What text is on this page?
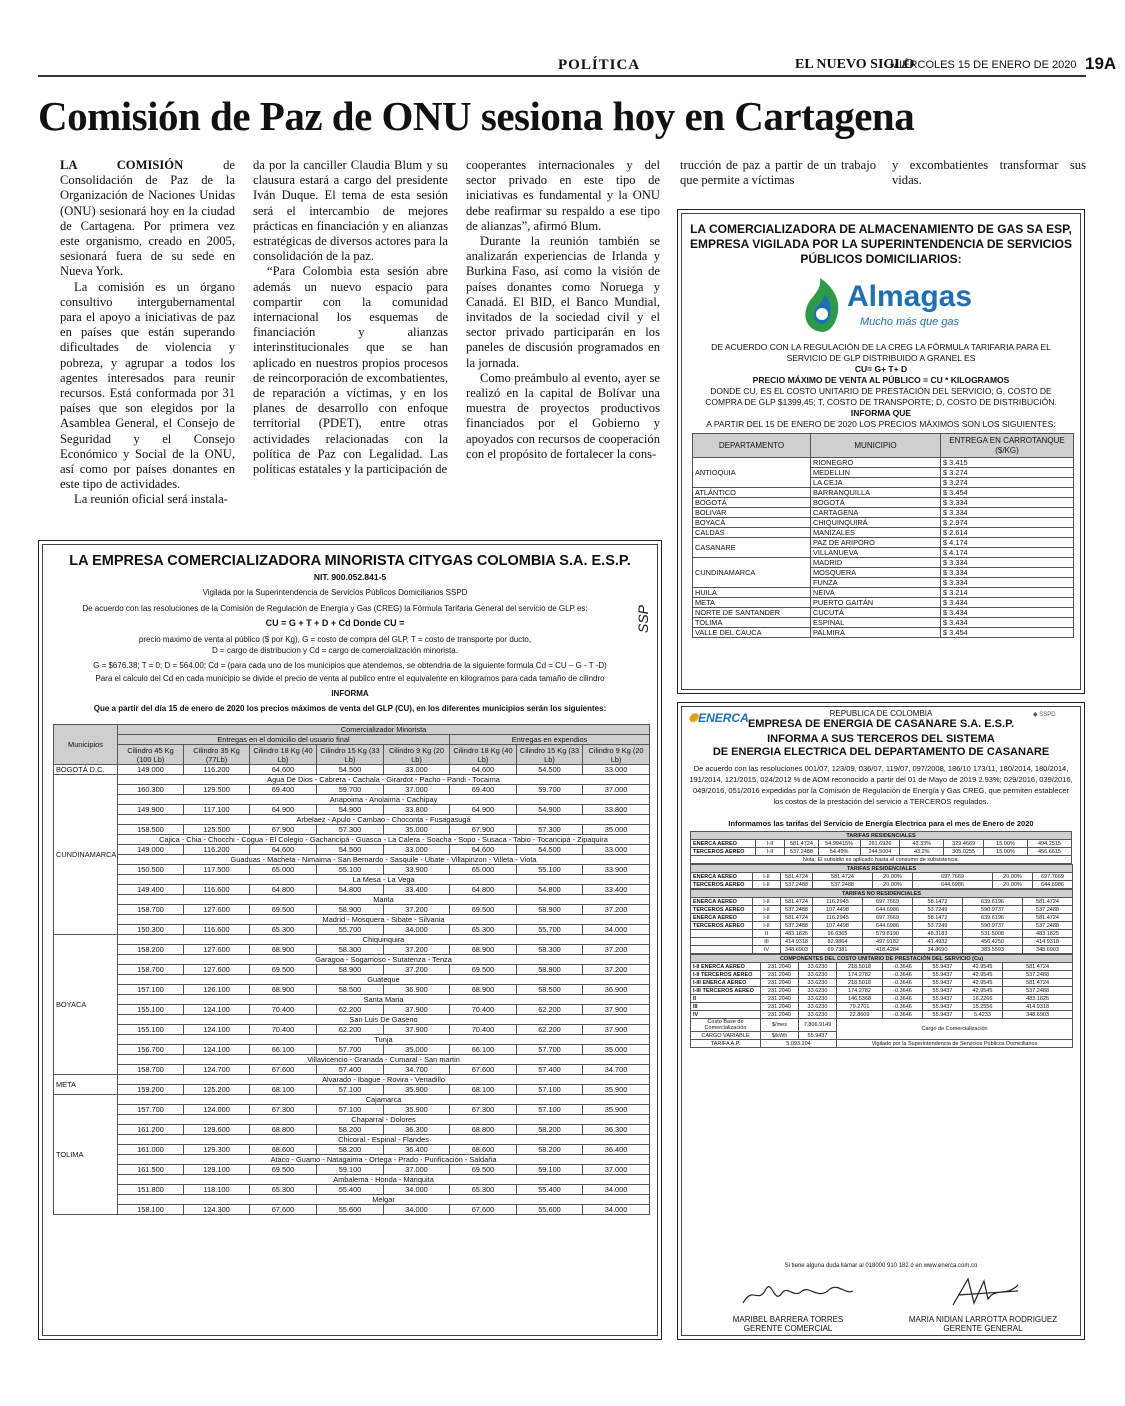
POLÍTICA	EL NUEVO SIGLO
MIÉRCOLES 15 DE ENERO DE 2020 19A
Comisión de Paz de ONU sesiona hoy en Cartagena

LA COMISIÓN de Consolidación de Paz de la Organización de Naciones Unidas (ONU) sesionará hoy en la ciudad de Cartagena. Por primera vez este organismo, creado en 2005, sesionará fuera de su sede en Nueva York.

La comisión es un órgano consultivo intergubernamental para el apoyo a iniciativas de paz en países que están superando dificultades de violencia y pobreza, y agrupar a todos los agentes interesados para reunir recursos. Está conformada por 31 países que son elegidos por la Asamblea General, el Consejo de Seguridad y el Consejo Económico y Social de la ONU, así como por países donantes en este tipo de actividades.

La reunión oficial será instala-

da por la canciller Claudia Blum y su clausura estará a cargo del presidente Iván Duque. El tema de esta sesión será el intercambio de mejores prácticas en financiación y en alianzas estratégicas de diversos actores para la consolidación de la paz.

“Para Colombia esta sesión abre además un nuevo espacio para compartir con la comunidad internacional los esquemas de financiación y alianzas interinstitucionales que se han aplicado en nuestros propios procesos de reincorporación de excombatientes, de reparación a víctimas, y en los planes de desarrollo con enfoque territorial (PDET), entre otras actividades relacionadas con la política de Paz con Legalidad. Las políticas estatales y la participación de

cooperantes internacionales y del sector privado en este tipo de iniciativas es fundamental y la ONU debe reafirmar su respaldo a ese tipo de alianzas”, afirmó Blum.

Durante la reunión también se analizarán experiencias de Irlanda y Burkina Faso, así como la visión de países donantes como Noruega y Canadá. El BID, el Banco Mundial, invitados de la sociedad civil y el sector privado participarán en los paneles de discusión programados en la jornada.

Como preámbulo al evento, ayer se realizó en la capital de Bolívar una muestra de proyectos productivos financiados por el Gobierno y apoyados con recursos de cooperación con el propósito de fortalecer la cons-

trucción de paz a partir de un trabajo que permite a víctimas
y excombatientes transformar sus vidas.
LA COMERCIALIZADORA DE ALMACENAMIENTO DE GAS SA ESP,
EMPRESA VIGILADA POR LA SUPERINTENDENCIA DE SERVICIOS
PÚBLICOS DOMICILIARIOS:
Almagas
Mucho más que gas
DE ACUERDO CON LA REGULACIÓN DE LA CREG LA FÓRMULA TARIFARIA PARA EL SERVICIO DE GLP DISTRIBUIDO A GRANEL ES
CU= G+ T+ D
PRECIO MÁXIMO DE VENTA AL PÚBLICO = CU * KILOGRAMOS
DONDE CU, ES EL COSTO UNITARIO DE PRESTACIÓN DEL SERVICIO; G, COSTO DE COMPRA DE GLP $1399,45; T, COSTO DE TRANSPORTE; D, COSTO DE DISTRIBUCIÓN.
INFORMA QUE
A PARTIR DEL 15 DE ENERO DE 2020 LOS PRECIOS MÁXIMOS SON LOS SIGUIENTES:
DEPARTAMENTO	MUNICIPIO	ENTREGA EN CARROTANQUE ($/KG)
ANTIOQUIA	RIONEGRO	$ 3.415
	MEDELLIN	$ 3.274
	LA CEJA	$ 3.274
ATLÁNTICO	BARRANQUILLA	$ 3.454
BOGOTÁ	BOGOTÁ	$ 3.334
BOLIVAR	CARTAGENA	$ 3.334
BOYACÁ	CHIQUINQUIRÁ	$ 2.974
CALDAS	MANIZALES	$ 2.614
CASANARE	PAZ DE ARIPORO	$ 4.174
	VILLANUEVA	$ 4.174
CUNDINAMARCA	MADRID	$ 3.334
	MOSQUERA	$ 3.334
	FUNZA	$ 3.334
HUILA	NEIVA	$ 3.214
META	PUERTO GAITÁN	$ 3.434
NORTE DE SANTANDER	CUCUTÁ	$ 3.434
TOLIMA	ESPINAL	$ 3.434
VALLE DEL CAUCA	PALMIRA	$ 3.454
LA EMPRESA COMERCIALIZADORA MINORISTA CITYGAS COLOMBIA S.A. E.S.P.
NIT. 900.052.841-5
Vigilada por la Superintendencia de Servicios Públicos Domiciliarios SSPD
De acuerdo con las resoluciones de la Comisión de Regulación de Energía y Gas (CREG) la Fórmula Tarifaria General del servicio de GLP es:
CU = G + T + D + Cd Donde CU =
precio maximo de venta al público ($ por Kg), G = costo de compra del GLP, T = costo de transporte por ducto,
D = cargo de distribucion y Cd = cargo de comercialización minorista.
SSP
G = $676.38; T = 0; D = 564.00; Cd = (para cada uno de los municipios que atendemos, se obtendria de la siguiente formula Cd = CU – G - T -D)
Para el calculo del Cd en cada municipio se divide el precio de venta al publico entre el equivalente en kilogramos para cada tamaño de cilindro
INFORMA
Que a partir del día 15 de enero de 2020 los precios máximos de venta del GLP (CU), en los diferentes municipios serán los siguientes:
Municipios	Comercializador Minorista							
	Entregas en el domicilio del usuario final					Entregas en expendios		
	Cilindro 45 Kg (100 Lb)	Cilindro 35 Kg (77Lb)	Cilindro 18 Kg (40 Lb)	Cilindro 15 Kg (33 Lb)	Cilindro 9 Kg (20 Lb)	Cilindro 18 Kg (40 Lb)	Cilindro 15 Kg (33 Lb)	Cilindro 9 Kg (20 Lb)
BOGOTÁ D.C.	149.000	116.200	64.600	54.500	33.000	64.600	54.500	33.000
CUNDINAMARCA	Agua De Dios - Cabrera - Cachala - Girardot - Pacho - Pandi - Tocaima							
	160.300	129.500	69.400	59.700	37.000	69.400	59.700	37.000
	Anapoima - Anolaima - Cachipay							
	149.900	117.100	64.900	54.900	33.800	64.900	54.900	33.800
	Arbelaez - Apulo - Cambao - Choconta - Fusagasugá							
	158.500	125.500	67.900	57.300	35.000	67.900	57.300	35.000
	Cajica - Chia - Chocchi - Cogua - El Colegio - Gachancipá - Guasca - La Calera - Soacha - Sopo - Susaca - Tabio - Tocancipá - Zipaquira							
	149.000	116.200	64.600	54.500	33.000	64.600	54.500	33.000
	Guaduas - Macheta - Nimaima - San Bernardo - Sasquile - Ubate - Villapinzon - Villeta - Viota							
	150.500	117.500	65.000	55.100	33.900	65.000	55.100	33.900
	La Mesa - La Vega							
	149.400	116.600	64.800	54.800	33.400	64.800	54.800	33.400
	Manta							
	158.700	127.600	69.500	58.900	37.200	69.500	58.900	37.200
	Madrid - Mosquera - Sibate - Silvania							
	150.300	116.600	65.300	55.700	34.000	65.300	55.700	34.000
BOYACA	Chiquinquira							
	158.200	127.600	68.900	58.300	37.200	68.900	58.300	37.200
	Garagoa - Sogamoso - Sutatenza - Tenza							
	158.700	127.600	69.500	58.900	37.200	69.500	58.900	37.200
	Guateque							
	157.100	126.100	68.900	58.500	36.900	68.900	58.500	36.900
	Santa Maria							
	155.100	124.100	70.400	62.200	37.900	70.400	62.200	37.900
	San Luis De Gaseno							
	155.100	124.100	70.400	62.200	37.900	70.400	62.200	37.900
	Tunja							
	156.700	124.100	66.100	57.700	35.000	66.100	57.700	35.000
	Villavicencio - Granada - Cumaral - San martin							
	158.700	124.700	67.600	57.400	34.700	67.600	57.400	34.700
META	Alvarado - Ibague - Rovira - Venadillo							
	159.200	125.200	68.100	57.100	35.900	68.100	57.100	35.900
TOLIMA	Cajamarca							
	157.700	124.000	67.300	57.100	35.900	67.300	57.100	35.900
	Chaparral - Dolores							
	161.200	129.600	68.800	58.200	36.300	68.800	58.200	36.300
	Chicoral - Espinal - Flandes							
	161.000	129.300	68.600	58.200	36.400	68.600	58.200	36.400
	Ataco - Guamo - Natagaima - Ortega - Prado - Purificación - Saldaña							
	161.500	129.100	69.500	59.100	37.000	69.500	59.100	37.000
	Ambalema - Honda - Mariquita							
	151.800	118.100	65.300	55.400	34.000	65.300	55.400	34.000
	Melgar							
	158.100	124.300	67.600	55.600	34.000	67.600	55.600	34.000
✺ENERCA	◆ SSPD
REPUBLICA DE COLOMBIA
EMPRESA DE ENERGIA DE CASANARE S.A. E.S.P.
INFORMA A SUS TERCEROS DEL SISTEMA
DE ENERGIA ELECTRICA DEL DEPARTAMENTO DE CASANARE
De acuerdo con las resoluciones 001/07, 123/09, 036/07, 119/07, 097/2008, 186/10 173/11, 180/2014, 180/2014, 191/2014, 121/2015, 024/2012 % de AOM reconocido a partir del 01 de Mayo de 2019 2.93%; 029/2016, 039/2016, 049/2016, 051/2016 expedidas por la Comisión de Regulación de Energía y Gas CREG, que permiten establecer los costos de la prestación del servicio a TERCEROS regulados.
Informamos las tarifas del Servicio de Energía Electrica para el mes de Enero de 2020
TARIFAS RESIDENCIALES								
ENERCA AEREO	I-II	581.4724	54.99415%	261.6926	43.33%	329.4669	15.00%	494.2515
TERCEROS AEREO	I-II	537.2488	54.49%	244.5004	43.2%	305.0255	15.00%	456.6615
Nota: El subsidio es aplicado hasta el consumo de subsistencia.								
TARIFAS RESIDENCIALES							
ENERCA AEREO	I-II	581.4724	581.4724	20.00%	697.7669	20.00%	697.7669
TERCEROS AEREO	I-II	537.2488	537.2488	20.00%	644.6986	20.00%	644.6986
TARIFAS NO RESIDENCIALES							
ENERCA AEREO	I-II	581.4724	116.2945	697.7669	58.1472	639.6196	581.4724
TERCEROS AEREO	I-II	537.2488	107.4498	644.6986	53.7249	590.9737	537.2488
ENERCA AEREO	I-II	581.4724	116.2945	697.7669	58.1472	639.6196	581.4724
TERCEROS AEREO	I-II	537.2488	107.4498	644.6986	53.7249	590.9737	537.2488
	II	483.1825	96.6365	579.8190	48.3183	531.5008	483.1825
	III	414.9318	82.9864	497.9182	41.4932	456.4250	414.9318
	IV	348.6903	69.7381	418.4284	34.8690	383.5593	348.6903
COMPONENTES DEL COSTO UNITARIO DE PRESTACIÓN DEL SERVICIO (Cu)							
I-II ENERCA AEREO	231.2040	33.6230	218.5018	-0.3646	55.9437	42.9545	581.4724
I-II TERCEROS AEREO	231.2040	33.6230	174.2782	-0.3646	55.9437	42.9545	537.2488
I-III ENERCA AEREO	231.2040	33.6230	218.5018	-0.3646	55.9437	42.9545	581.4724
I-III TERCEROS AEREO	231.2040	33.6230	174.2782	-0.3646	55.9437	42.9545	537.2488
II	231.2040	33.6230	146.5368	-0.3646	55.9437	16.2266	483.1825
III	231.2040	33.6230	79.2701	-0.3646	55.9437	15.2556	414.9318
IV	231.2040	33.6230	22.8609	-0.3646	55.9437	5.4233	348.6903
Costo Base de Comercialización	$/mes	7.806.9149	Cargo de Comercialización				
CARGO VARIABLE	$/kWh	55.9437					
TARIFA A.P.	5.093.104		Vigilado por la Superintendencia de Servicios Públicos Domiciliarios				
Si tiene alguna duda llámar al 018000 910 182 ó en www.enerca.com.co
MARIBEL BARRERA TORRES
GERENTE COMERCIAL
MARIA NIDIAN LARROTTA RODRIGUEZ
GERENTE GENERAL
